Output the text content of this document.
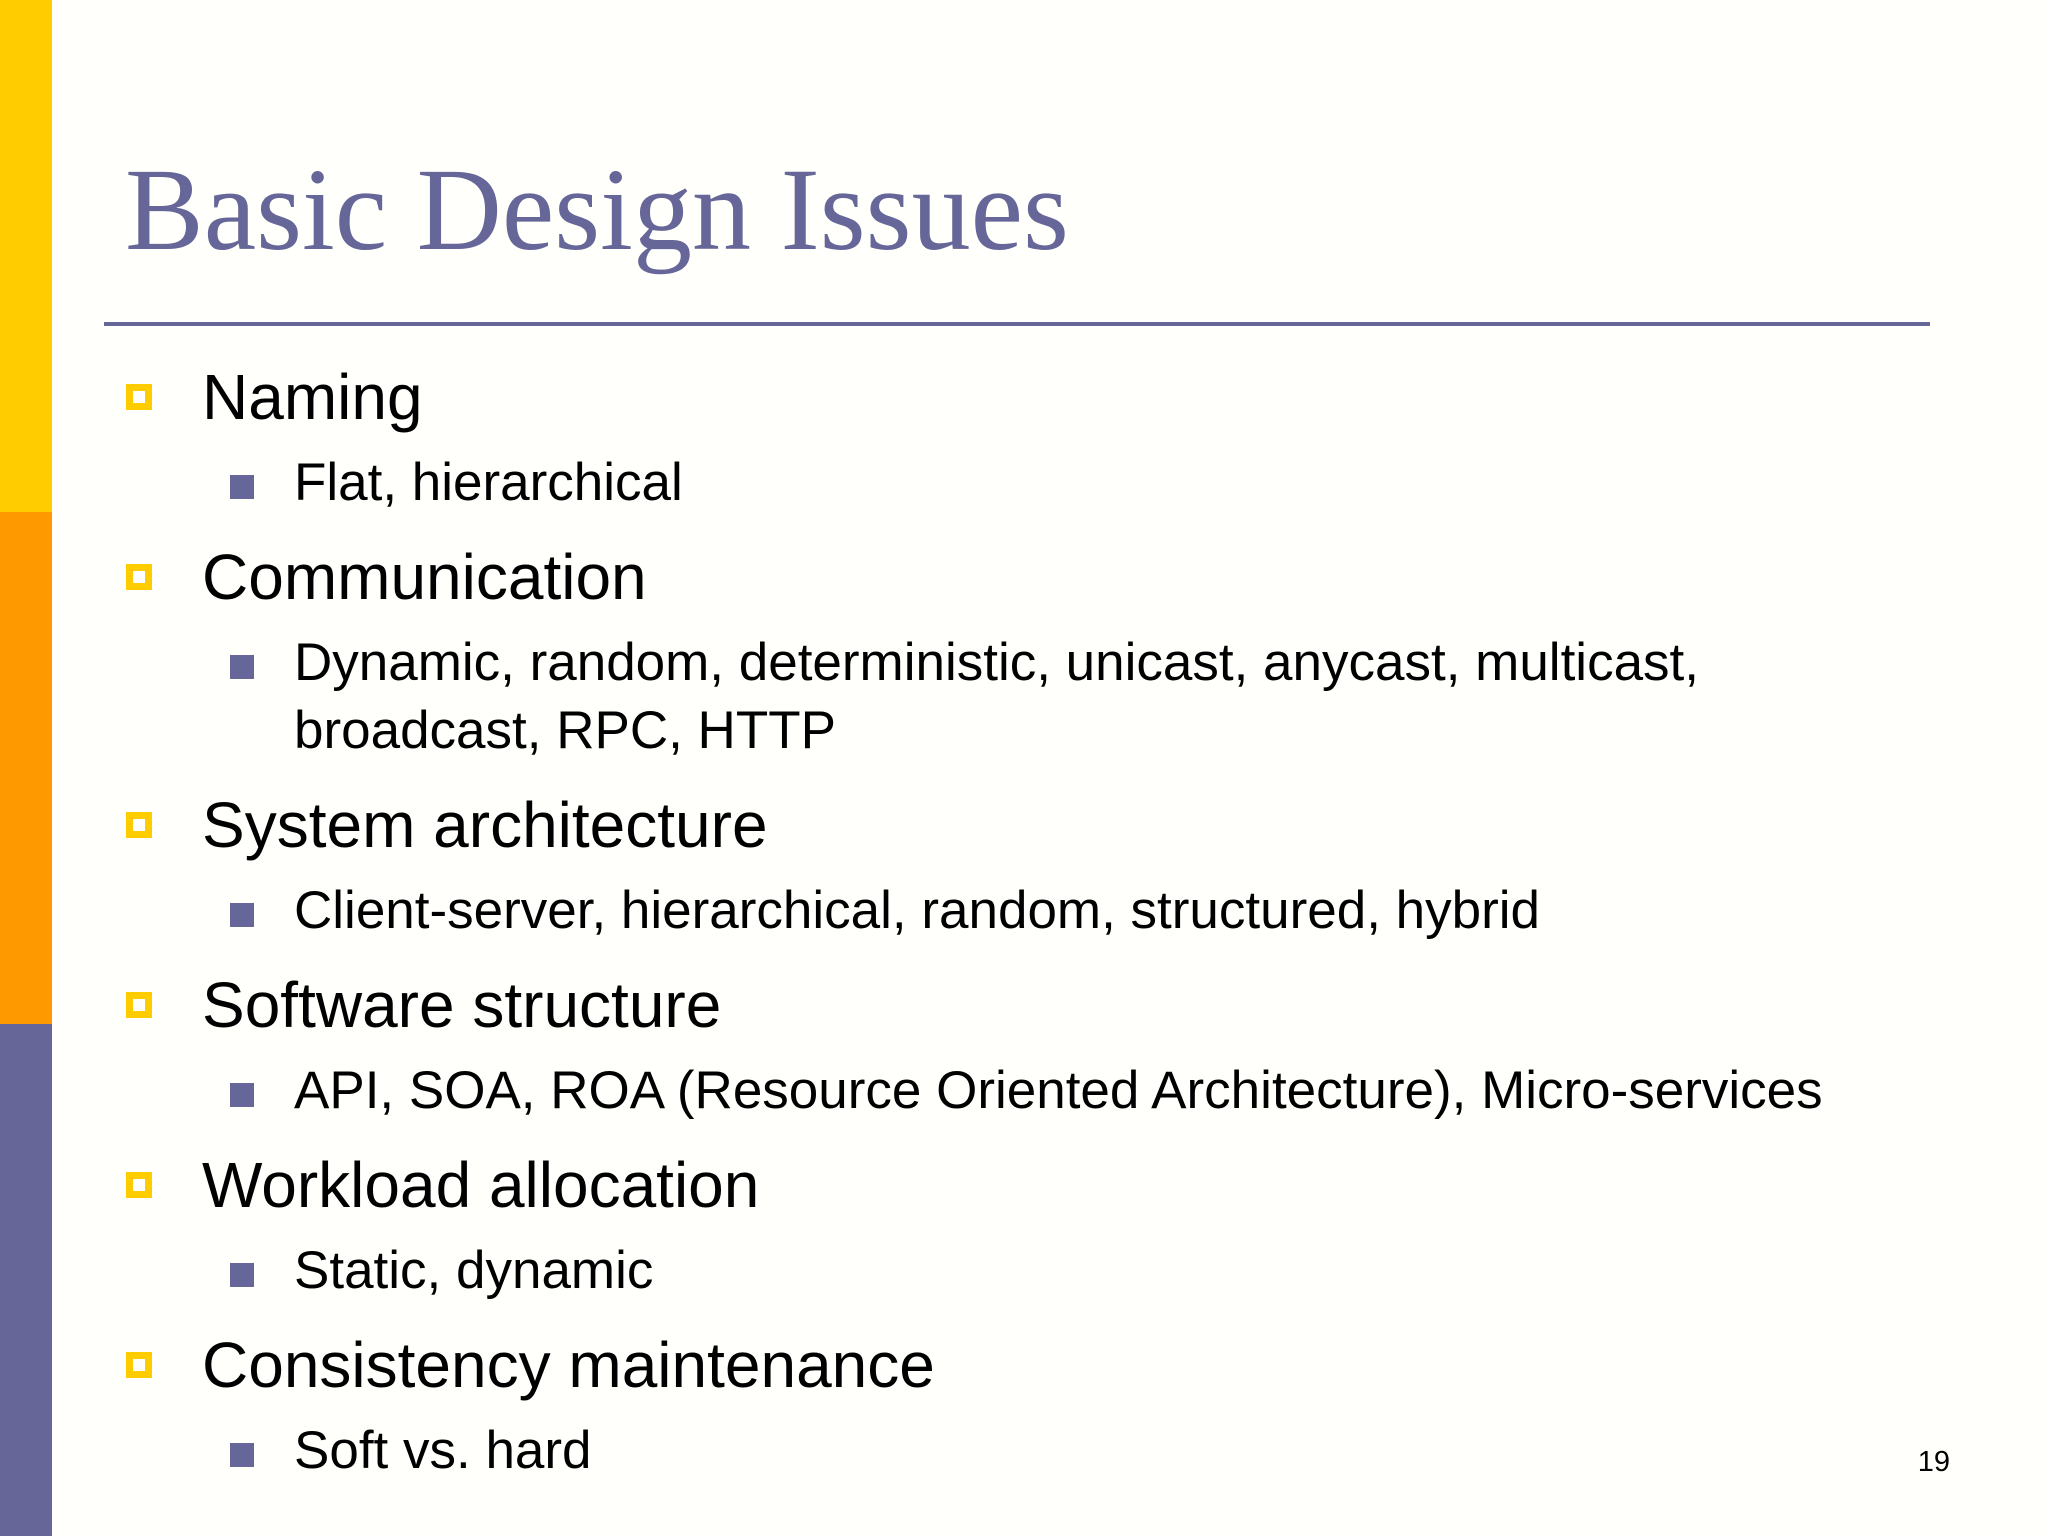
Basic Design Issues
Naming
Flat, hierarchical
Communication
Dynamic, random, deterministic, unicast, anycast, multicast,
broadcast, RPC, HTTP
System architecture
Client-server, hierarchical, random, structured, hybrid
Software structure
API, SOA, ROA (Resource Oriented Architecture), Micro-services
Workload allocation
Static, dynamic
Consistency maintenance
Soft vs. hard	19
